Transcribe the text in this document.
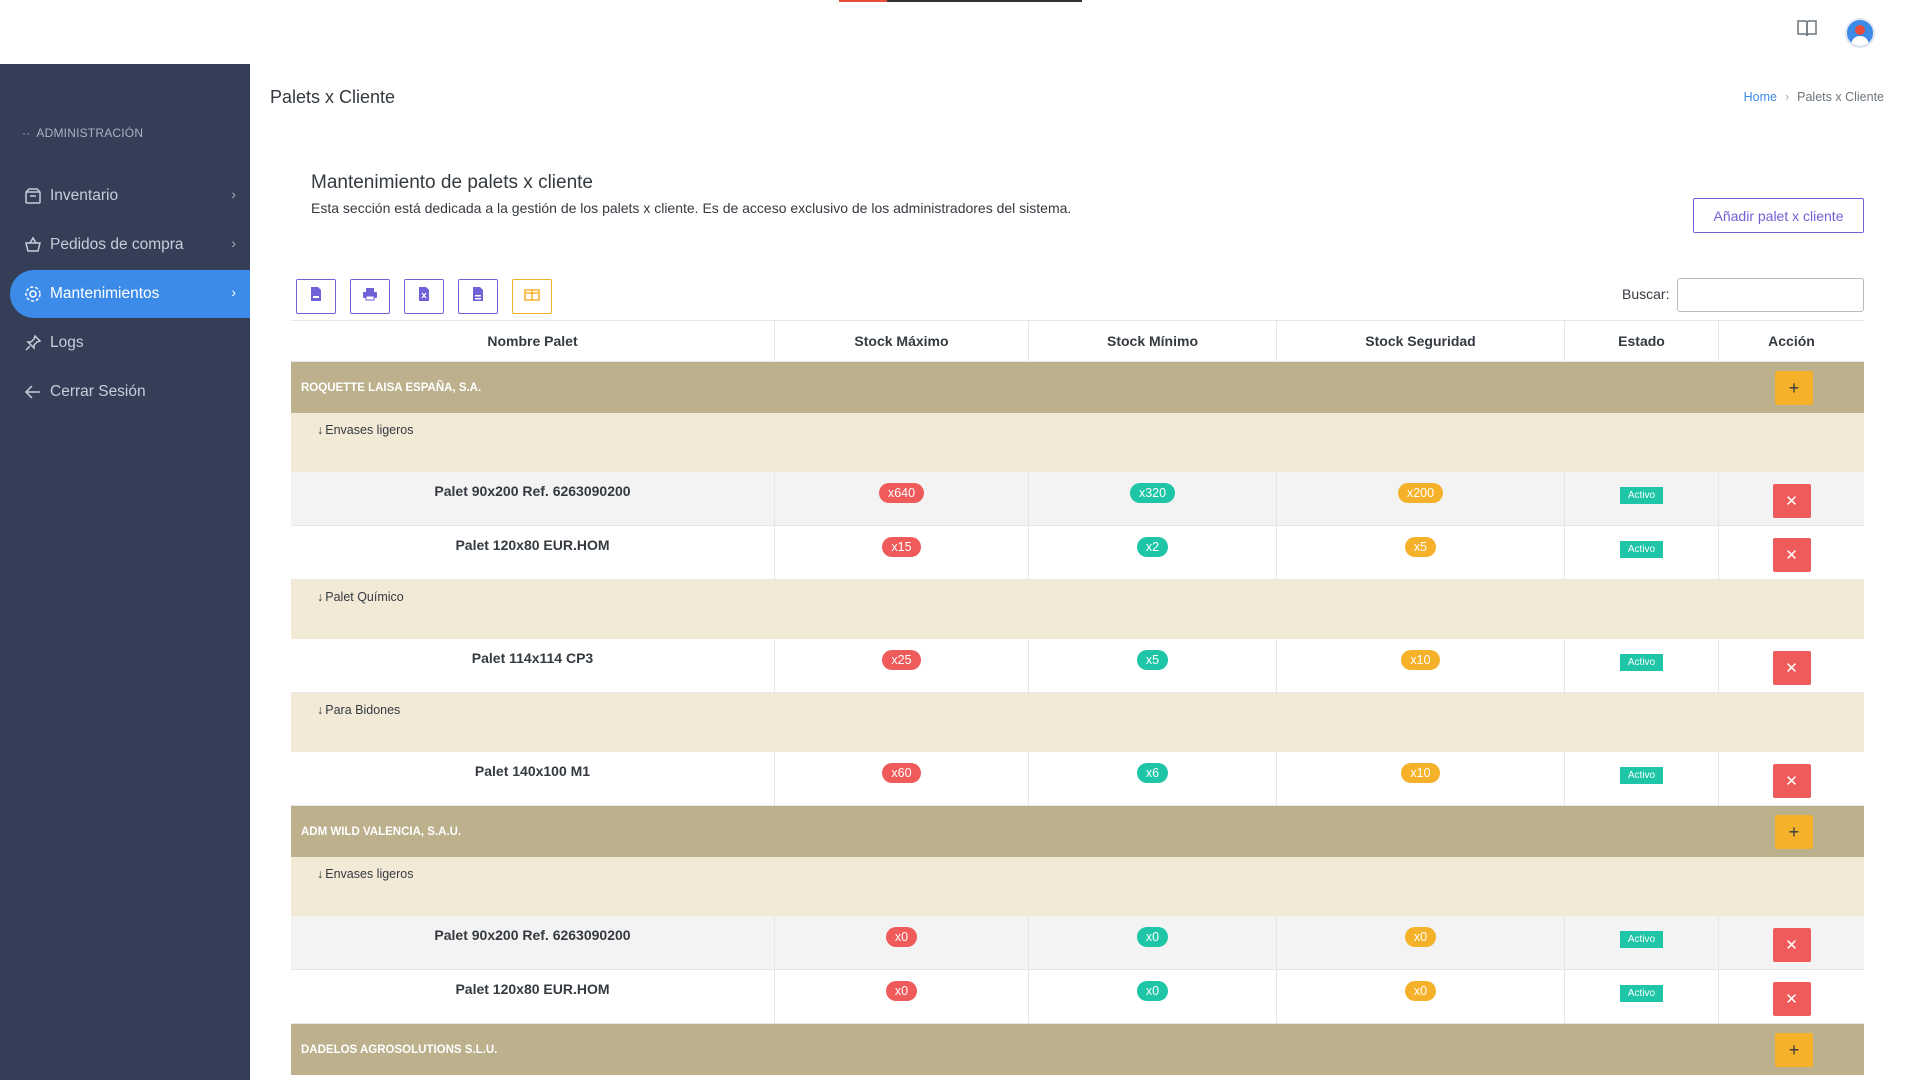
·· ADMINISTRACIÓN
Inventario	›
Pedidos de compra	›
Mantenimientos	›
Logs
Cerrar Sesión
Palets x Cliente	Home › Palets x Cliente
Mantenimiento de palets x cliente
Esta sección está dedicada a la gestión de los palets x cliente. Es de acceso exclusivo de los administradores del sistema.	Añadir palet x cliente
Buscar:
Nombre Palet	Stock Máximo	Stock Mínimo	Stock Seguridad	Estado	Acción
ROQUETTE LAISA ESPAÑA, S.A.	+
↓ Envases ligeros
Palet 90x200 Ref. 6263090200	x640	x320	x200	Activo	✕
Palet 120x80 EUR.HOM	x15	x2	x5	Activo	✕
↓ Palet Químico
Palet 114x114 CP3	x25	x5	x10	Activo	✕
↓ Para Bidones
Palet 140x100 M1	x60	x6	x10	Activo	✕
ADM WILD VALENCIA, S.A.U.	+
↓ Envases ligeros
Palet 90x200 Ref. 6263090200	x0	x0	x0	Activo	✕
Palet 120x80 EUR.HOM	x0	x0	x0	Activo	✕
DADELOS AGROSOLUTIONS S.L.U.	+
